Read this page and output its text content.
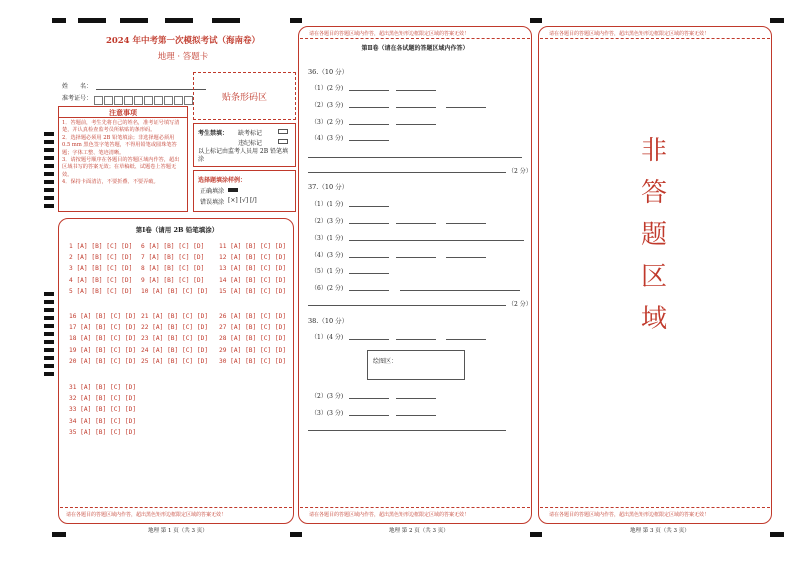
2024 年中考第一次模拟考试（海南卷）
地理 · 答题卡
姓　　名：
准考证号：	贴条形码区
注意事项
1．答题前，考生先将自己的姓名，准考证号填写清楚，并认真检查监考员所粘贴的条形码。
2．选择题必须用 2B 铅笔填涂；非选择题必须用 0.5 mm 黑色签字笔答题，不得用铅笔或圆珠笔答题；字体工整、笔迹清晰。
3．请按题号顺序在各题目的答题区域内作答，超出区域书写的答案无效；在草稿纸、试题卷上答题无效。
4．保持卡面清洁，不要折叠、不要弄破。
考生禁填： 缺考标记
违纪标记
以上标记由监考人员用 2B 铅笔填涂
选择题填涂样例：
正确填涂
错误填涂 [×] [√] [/]
第Ⅰ卷（请用 2B 铅笔填涂）
1 [A] [B] [C] [D]
2 [A] [B] [C] [D]
3 [A] [B] [C] [D]
4 [A] [B] [C] [D]
5 [A] [B] [C] [D]
6 [A] [B] [C] [D]
7 [A] [B] [C] [D]
8 [A] [B] [C] [D]
9 [A] [B] [C] [D]
10 [A] [B] [C] [D]
11 [A] [B] [C] [D]
12 [A] [B] [C] [D]
13 [A] [B] [C] [D]
14 [A] [B] [C] [D]
15 [A] [B] [C] [D]
16 [A] [B] [C] [D]
17 [A] [B] [C] [D]
18 [A] [B] [C] [D]
19 [A] [B] [C] [D]
20 [A] [B] [C] [D]
21 [A] [B] [C] [D]
22 [A] [B] [C] [D]
23 [A] [B] [C] [D]
24 [A] [B] [C] [D]
25 [A] [B] [C] [D]
26 [A] [B] [C] [D]
27 [A] [B] [C] [D]
28 [A] [B] [C] [D]
29 [A] [B] [C] [D]
30 [A] [B] [C] [D]
31 [A] [B] [C] [D]
32 [A] [B] [C] [D]
33 [A] [B] [C] [D]
34 [A] [B] [C] [D]
35 [A] [B] [C] [D]
请在各题目的答题区域内作答，超出黑色矩形边框限定区域的答案无效！
地理 第 1 页（共 3 页）
请在各题目的答题区域内作答，超出黑色矩形边框限定区域的答案无效！
第Ⅱ卷（请在各试题的答题区域内作答）
36.（10 分）
（1）(2 分)
（2）(3 分)
（3）(2 分)
（4）(3 分)
（2 分）
37.（10 分）
（1）(1 分)
（2）(3 分)
（3）(1 分)
（4）(3 分)
（5）(1 分)
（6）(2 分)
（2 分）
38.（10 分）
（1）(4 分)
（2）(3 分)
（3）(3 分)
绘图区：
请在各题目的答题区域内作答，超出黑色矩形边框限定区域的答案无效！
地理 第 2 页（共 3 页）
请在各题目的答题区域内作答，超出黑色矩形边框限定区域的答案无效！
非
答
题
区
域
请在各题目的答题区域内作答，超出黑色矩形边框限定区域的答案无效！
地理 第 3 页（共 3 页）
